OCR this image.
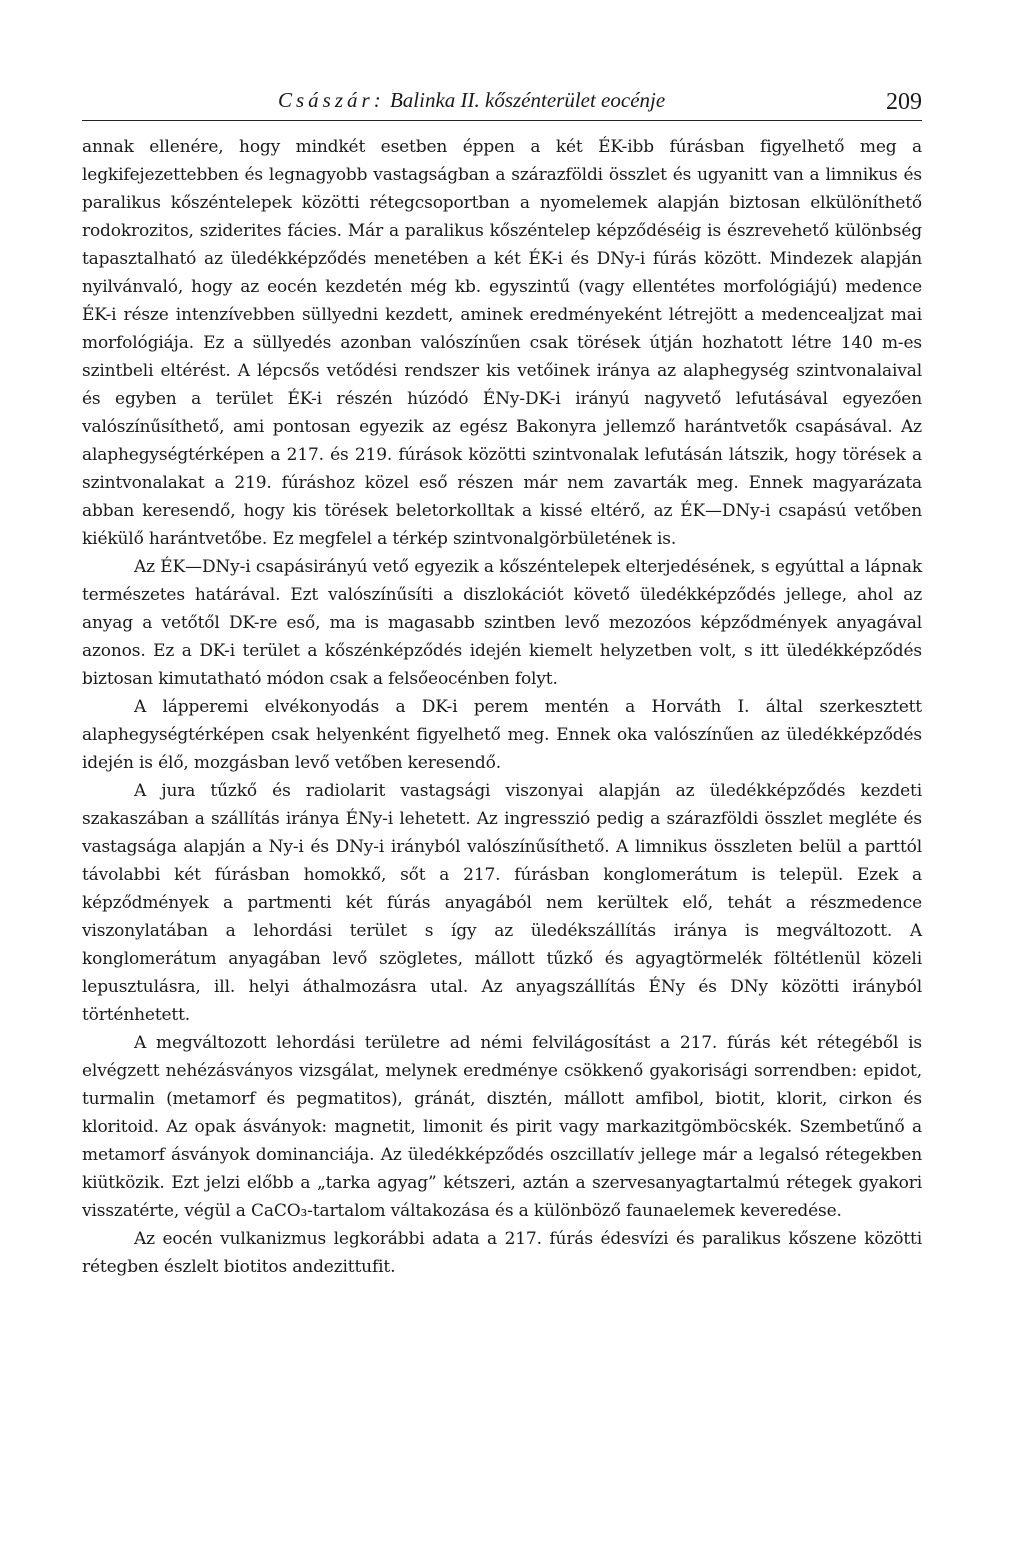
Császár: Balinka II. kőszénterület eocénje	209

annak ellenére, hogy mindkét esetben éppen a két ÉK-ibb fúrásban figyelhető meg a legkifejezettebben és legnagyobb vastagságban a szárazföldi összlet és ugyanitt van a limnikus és paralikus kőszéntelepek közötti rétegcsoportban a nyomelemek alapján biztosan elkülöníthető rodokrozitos, sziderites fácies. Már a paralikus kőszéntelep képződéséig is észrevehető különbség tapasztalható az üledékképződés menetében a két ÉK-i és DNy-i fúrás között. Mindezek alapján nyilvánvaló, hogy az eocén kezdetén még kb. egyszintű (vagy ellentétes morfológiájú) medence ÉK-i része intenzívebben süllyedni kezdett, aminek eredményeként létrejött a medencealjzat mai morfológiája. Ez a süllyedés azonban valószínűen csak törések útján hozhatott létre 140 m-es szintbeli eltérést. A lépcsős vetődési rendszer kis vetőinek iránya az alaphegység szintvonalaival és egyben a terület ÉK-i részén húzódó ÉNy-DK-i irányú nagyvető lefutásával egyezően valószínűsíthető, ami pontosan egyezik az egész Bakonyra jellemző harántvetők csapásával. Az alaphegységtérképen a 217. és 219. fúrások közötti szintvonalak lefutásán látszik, hogy törések a szintvonalakat a 219. fúráshoz közel eső részen már nem zavarták meg. Ennek magyarázata abban keresendő, hogy kis törések beletorkolltak a kissé eltérő, az ÉK—DNy-i csapású vetőben kiékülő harántvetőbe. Ez megfelel a térkép szintvonalgörbületének is.

Az ÉK—DNy-i csapásirányú vető egyezik a kőszéntelepek elterjedésének, s egyúttal a lápnak természetes határával. Ezt valószínűsíti a diszlokációt követő üledékképződés jellege, ahol az anyag a vetőtől DK-re eső, ma is magasabb szintben levő mezozóos képződmények anyagával azonos. Ez a DK-i terület a kőszénképződés idején kiemelt helyzetben volt, s itt üledékképződés biztosan kimutatható módon csak a felsőeocénben folyt.

A lápperemi elvékonyodás a DK-i perem mentén a Horváth I. által szerkesztett alaphegységtérképen csak helyenként figyelhető meg. Ennek oka valószínűen az üledékképződés idején is élő, mozgásban levő vetőben keresendő.

A jura tűzkő és radiolarit vastagsági viszonyai alapján az üledékképződés kezdeti szakaszában a szállítás iránya ÉNy-i lehetett. Az ingresszió pedig a szárazföldi összlet megléte és vastagsága alapján a Ny-i és DNy-i irányból valószínűsíthető. A limnikus összleten belül a parttól távolabbi két fúrásban homokkő, sőt a 217. fúrásban konglomerátum is települ. Ezek a képződmények a partmenti két fúrás anyagából nem kerültek elő, tehát a részmedence viszonylatában a lehordási terület s így az üledékszállítás iránya is megváltozott. A konglomerátum anyagában levő szögletes, mállott tűzkő és agyagtörmelék föltétlenül közeli lepusztulásra, ill. helyi áthalmozásra utal. Az anyagszállítás ÉNy és DNy közötti irányból történhetett.

A megváltozott lehordási területre ad némi felvilágosítást a 217. fúrás két rétegéből is elvégzett nehézásványos vizsgálat, melynek eredménye csökkenő gyakorisági sorrendben: epidot, turmalin (metamorf és pegmatitos), gránát, disztén, mállott amfibol, biotit, klorit, cirkon és kloritoid. Az opak ásványok: magnetit, limonit és pirit vagy markazitgömböcskék. Szembetűnő a metamorf ásványok dominanciája. Az üledékképződés oszcillatív jellege már a legalsó rétegekben kiütközik. Ezt jelzi előbb a „tarka agyag” kétszeri, aztán a szervesanyagtartalmú rétegek gyakori visszatérte, végül a CaCO₃-tartalom váltakozása és a különböző faunaelemek keveredése.

Az eocén vulkanizmus legkorábbi adata a 217. fúrás édesvízi és paralikus kőszene közötti rétegben észlelt biotitos andezittufit.
